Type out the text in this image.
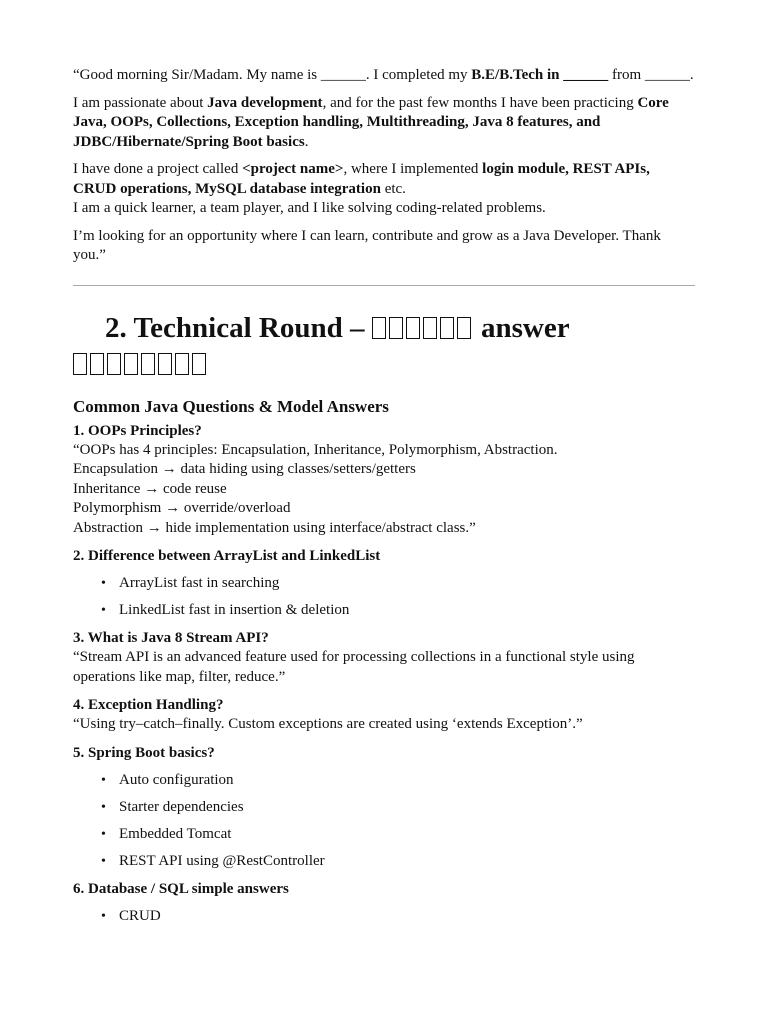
“Good morning Sir/Madam. My name is ______. I completed my B.E/B.Tech in ______ from ______.

I am passionate about Java development, and for the past few months I have been practicing Core Java, OOPs, Collections, Exception handling, Multithreading, Java 8 features, and JDBC/Hibernate/Spring Boot basics.

I have done a project called <project name>, where I implemented login module, REST APIs, CRUD operations, MySQL database integration etc.

I am a quick learner, a team player, and I like solving coding-related problems.

I’m looking for an opportunity where I can learn, contribute and grow as a Java Developer. Thank you.”

2. Technical Round –	answer

Common Java Questions & Model Answers
1. OOPs Principles?
“OOPs has 4 principles: Encapsulation, Inheritance, Polymorphism, Abstraction.
Encapsulation → data hiding using classes/setters/getters
Inheritance → code reuse
Polymorphism → override/overload
Abstraction → hide implementation using interface/abstract class.”
2. Difference between ArrayList and LinkedList
• ArrayList fast in searching
• LinkedList fast in insertion & deletion
3. What is Java 8 Stream API?
“Stream API is an advanced feature used for processing collections in a functional style using operations like map, filter, reduce.”
4. Exception Handling?
“Using try–catch–finally. Custom exceptions are created using ‘extends Exception’.”
5. Spring Boot basics?
• Auto configuration
• Starter dependencies
• Embedded Tomcat
• REST API using @RestController
6. Database / SQL simple answers
• CRUD
